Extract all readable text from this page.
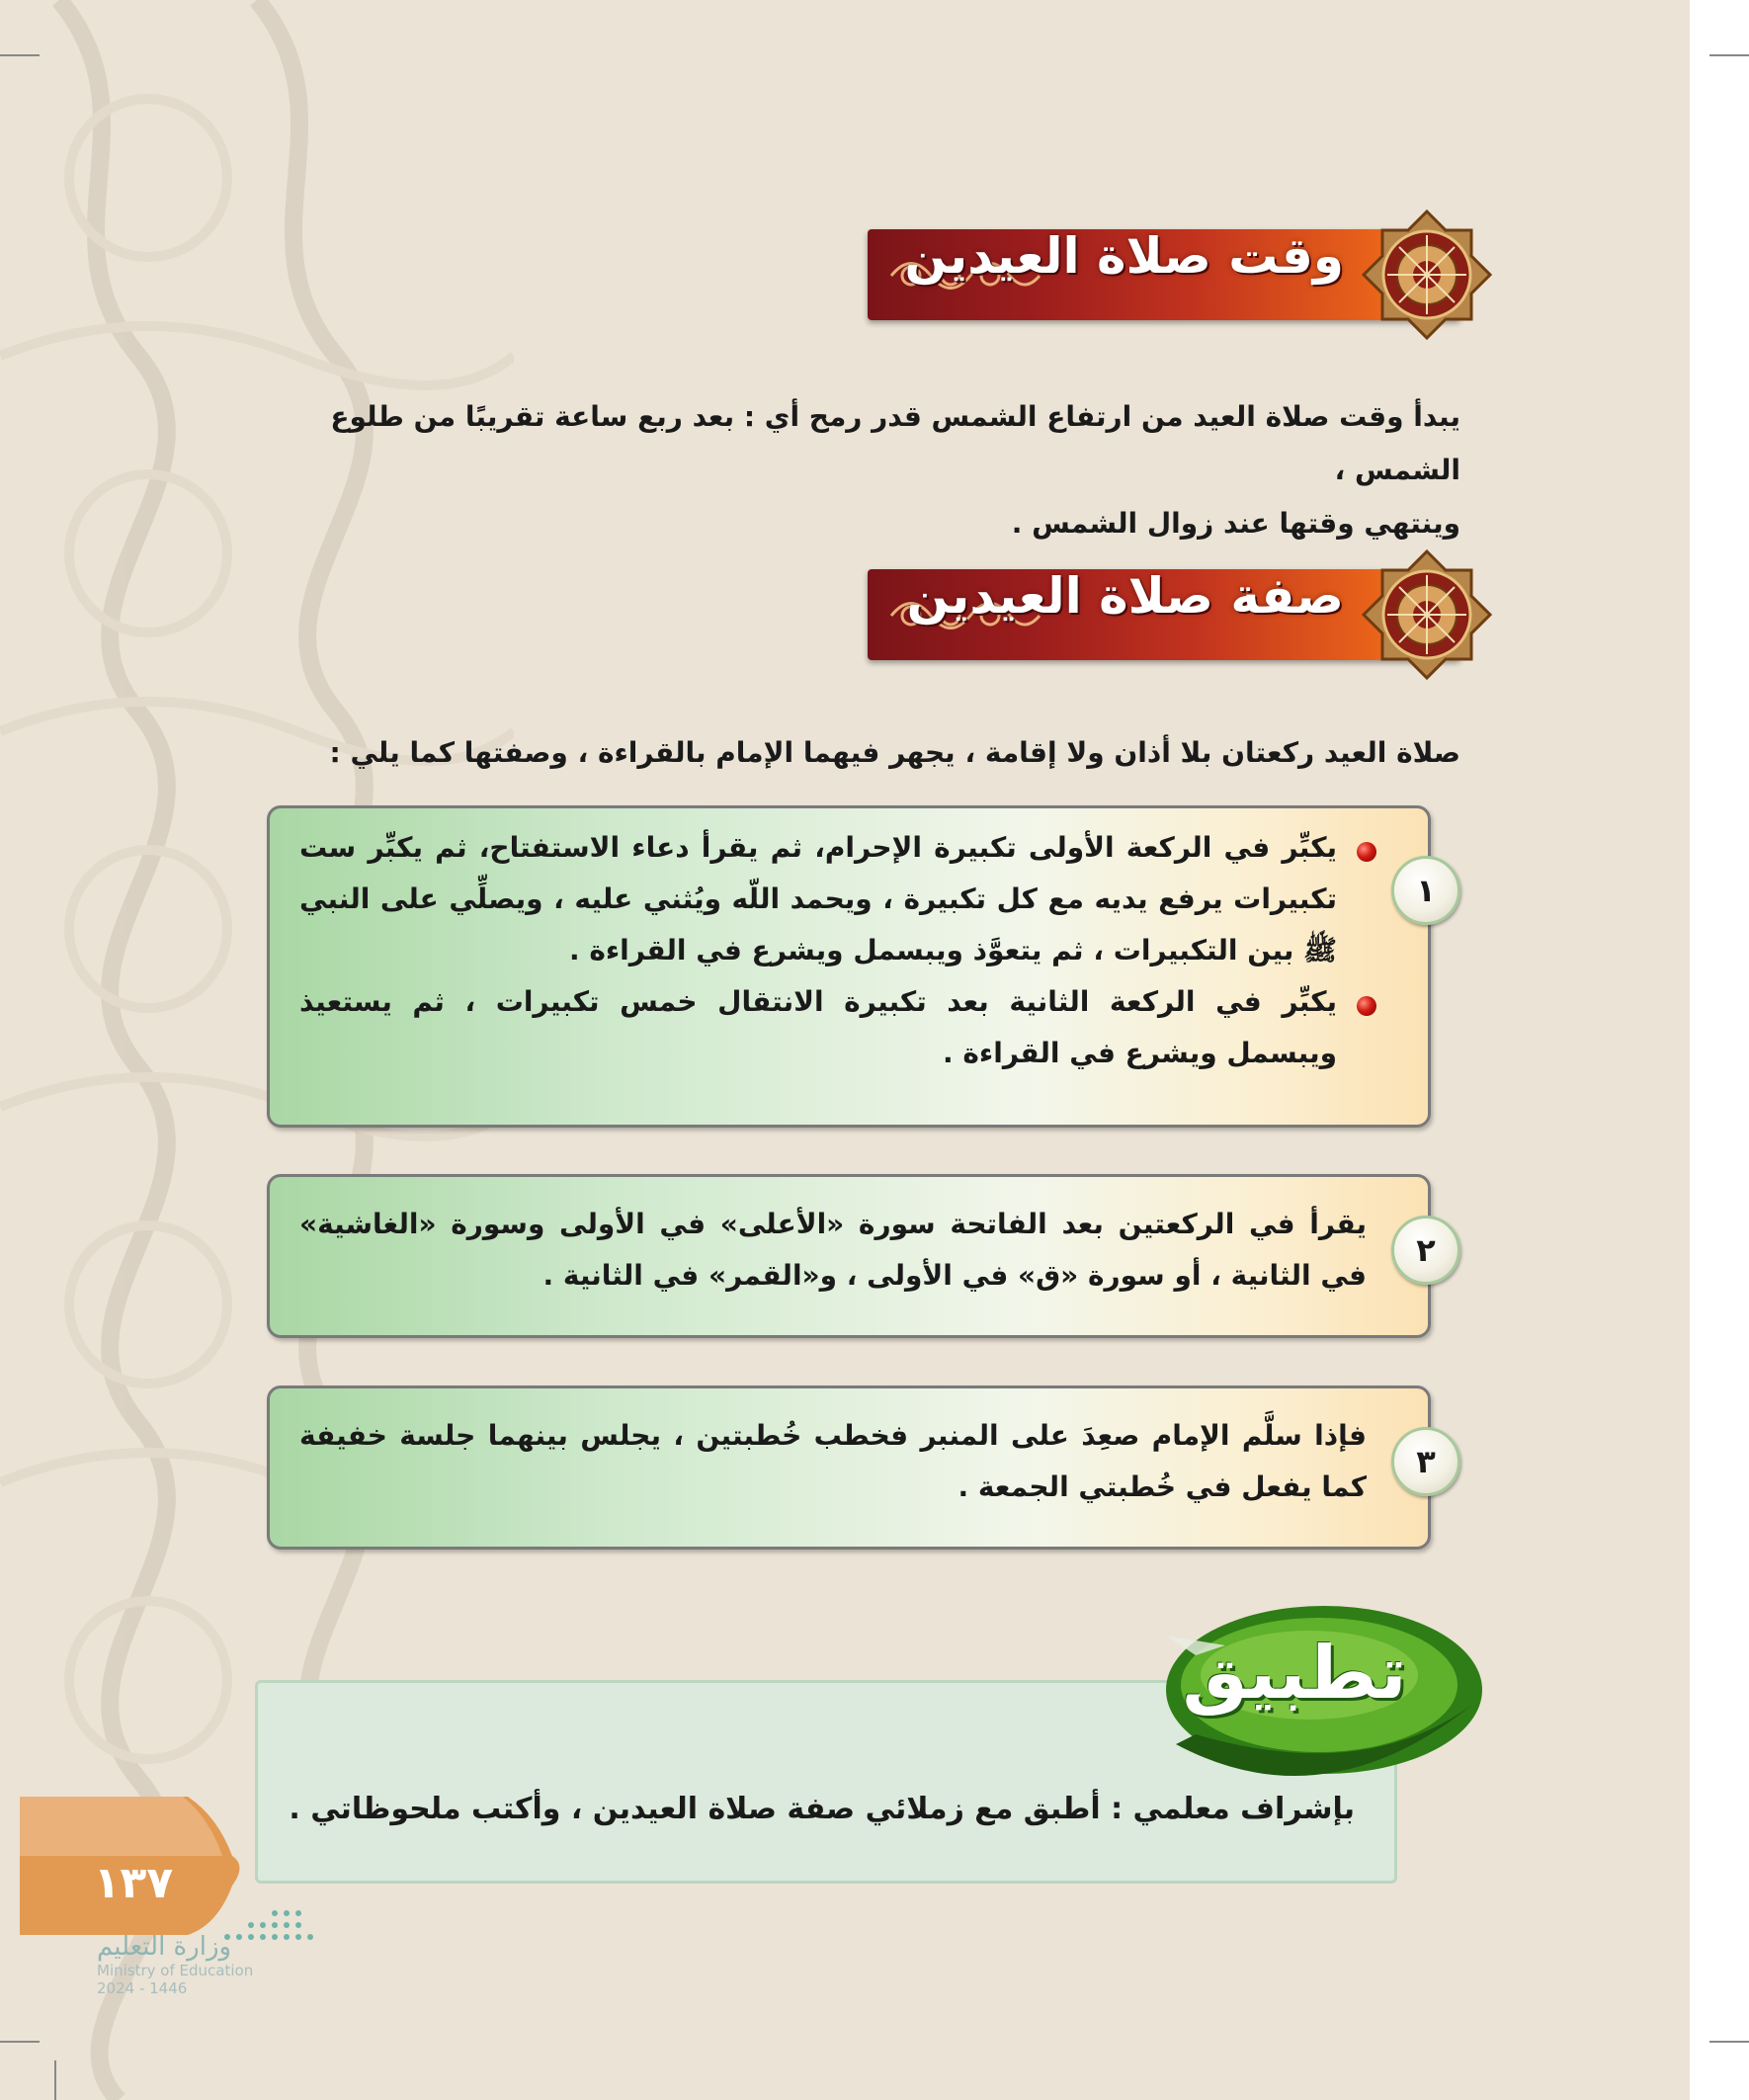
وقت صلاة العيدين
يبدأ وقت صلاة العيد من ارتفاع الشمس قدر رمح أي : بعد ربع ساعة تقريبًا من طلوع الشمس ،
وينتهي وقتها عند زوال الشمس .
صفة صلاة العيدين
صلاة العيد ركعتان بلا أذان ولا إقامة ، يجهر فيهما الإمام بالقراءة ، وصفتها كما يلي :
يكبِّر في الركعة الأولى تكبيرة الإحرام، ثم يقرأ دعاء الاستفتاح، ثم يكبِّر ست تكبيرات يرفع يديه مع كل تكبيرة ، ويحمد اللّه ويُثني عليه ، ويصلِّي على النبي ﷺ بين التكبيرات ، ثم يتعوَّذ ويبسمل ويشرع في القراءة .
يكبِّر في الركعة الثانية بعد تكبيرة الانتقال خمس تكبيرات ، ثم يستعيذ ويبسمل ويشرع في القراءة .
١
يقرأ في الركعتين بعد الفاتحة سورة «الأعلى» في الأولى وسورة «الغاشية» في الثانية ، أو سورة «ق» في الأولى ، و«القمر» في الثانية .
٢
فإذا سلَّم الإمام صعِدَ على المنبر فخطب خُطبتين ، يجلس بينهما جلسة خفيفة كما يفعل في خُطبتي الجمعة .
٣
بإشراف معلمي : أطبق مع زملائي صفة صلاة العيدين ، وأكتب ملحوظاتي .
تطبيق
١٣٧
وزارة التعليم
Ministry of Education
2024 - 1446
